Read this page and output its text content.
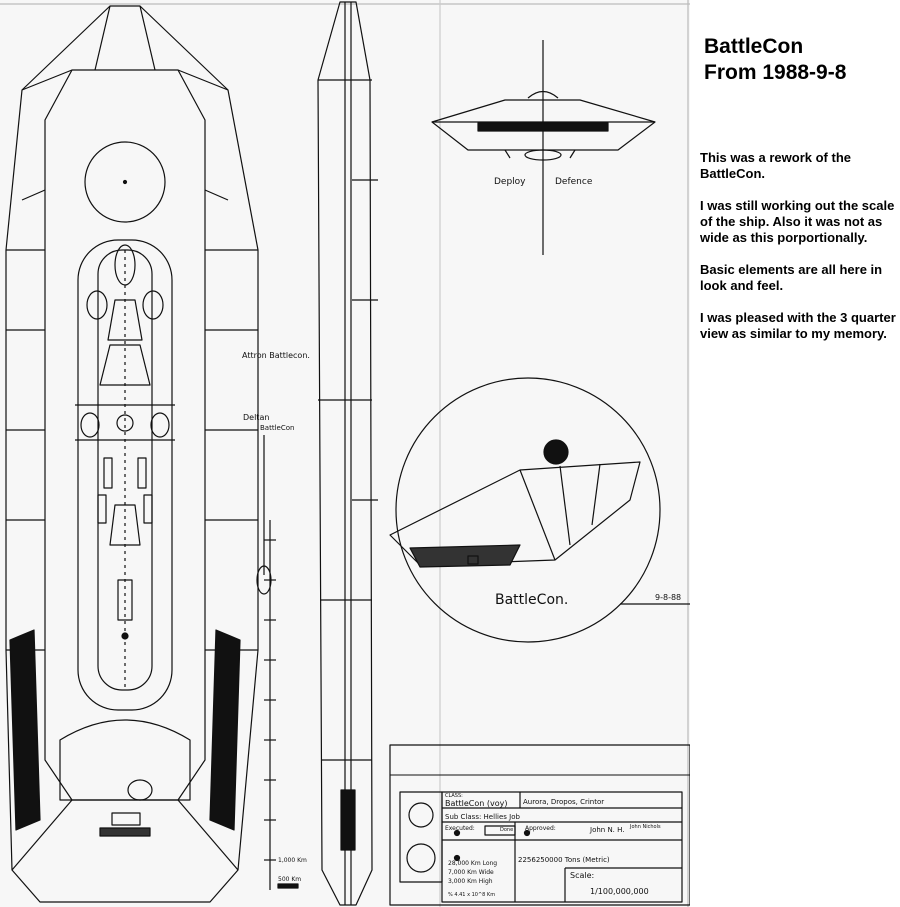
Attron Battlecon.
Deltan
BattleCon
Deploy	Defence
BattleCon.	9-8-88
1,000 Km
500 Km
CLASS:
BattleCon (voy) Aurora, Dropos, Crintor
Sub Class: Hellies Job
Executed:	Done Approved:	John N. H. John Nichols
28,000 Km Long
7,000 Km Wide
3,000 Km High
% 4.41 x 10^8 Km
2256250000 Tons (Metric)
Scale:
1/100,000,000
BattleCon
From 1988-9-8

This was a rework of the BattleCon.

I was still working out the scale of the ship. Also it was not as wide as this porportionally.

Basic elements are all here in look and feel.

I was pleased with the 3 quarter view as similar to my memory.
